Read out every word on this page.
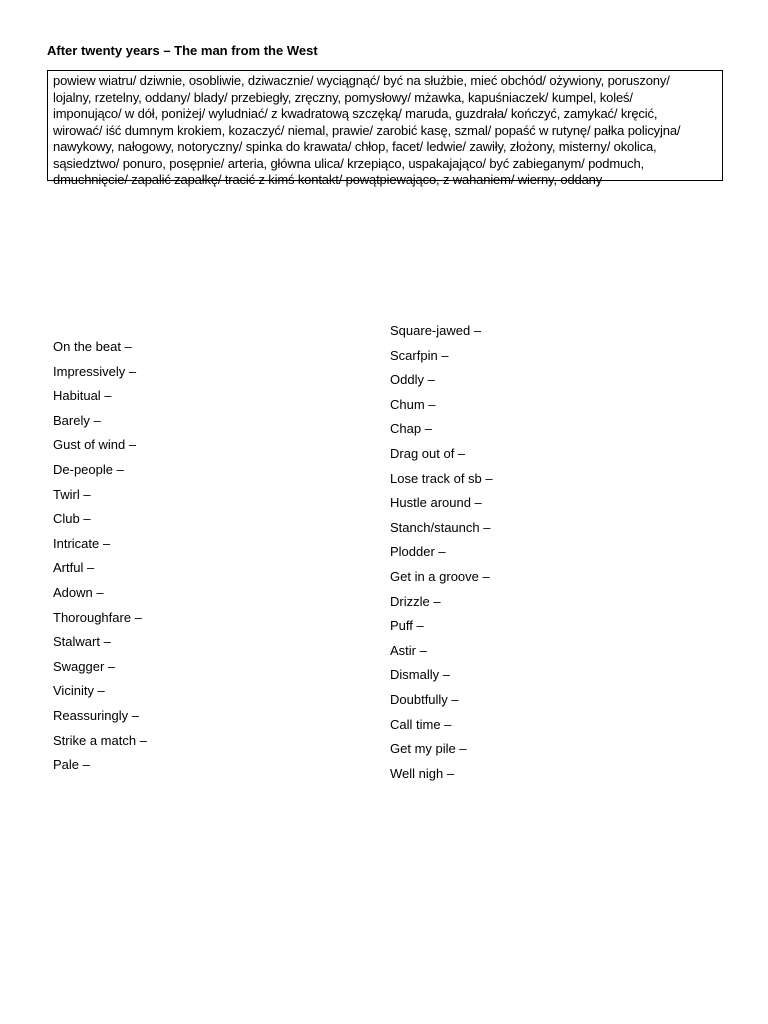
After twenty years – The man from the West
powiew wiatru/ dziwnie, osobliwie, dziwacznie/ wyciągnąć/ być na służbie, mieć obchód/ ożywiony, poruszony/
lojalny, rzetelny, oddany/ blady/ przebiegły, zręczny, pomysłowy/ mżawka, kapuśniaczek/ kumpel, koleś/
imponująco/ w dół, poniżej/ wyludniać/ z kwadratową szczęką/ maruda, guzdrała/ kończyć, zamykać/ kręcić,
wirować/ iść dumnym krokiem, kozaczyć/ niemal, prawie/ zarobić kasę, szmal/ popaść w rutynę/ pałka policyjna/
nawykowy, nałogowy, notoryczny/ spinka do krawata/ chłop, facet/ ledwie/ zawiły, złożony, misterny/ okolica,
sąsiedztwo/ ponuro, posępnie/ arteria, główna ulica/ krzepiąco, uspakajająco/ być zabieganym/ podmuch,
dmuchnięcie/ zapalić zapałkę/ tracić z kimś kontakt/ powątpiewająco, z wahaniem/ wierny, oddany
On the beat –
Impressively –
Habitual –
Barely –
Gust of wind –
De-people –
Twirl –
Club –
Intricate –
Artful –
Adown –
Thoroughfare –
Stalwart –
Swagger –
Vicinity –
Reassuringly –
Strike a match –
Pale –
Square-jawed –
Scarfpin –
Oddly –
Chum –
Chap –
Drag out of –
Lose track of sb –
Hustle around –
Stanch/staunch –
Plodder –
Get in a groove –
Drizzle –
Puff –
Astir –
Dismally –
Doubtfully –
Call time –
Get my pile –
Well nigh –
